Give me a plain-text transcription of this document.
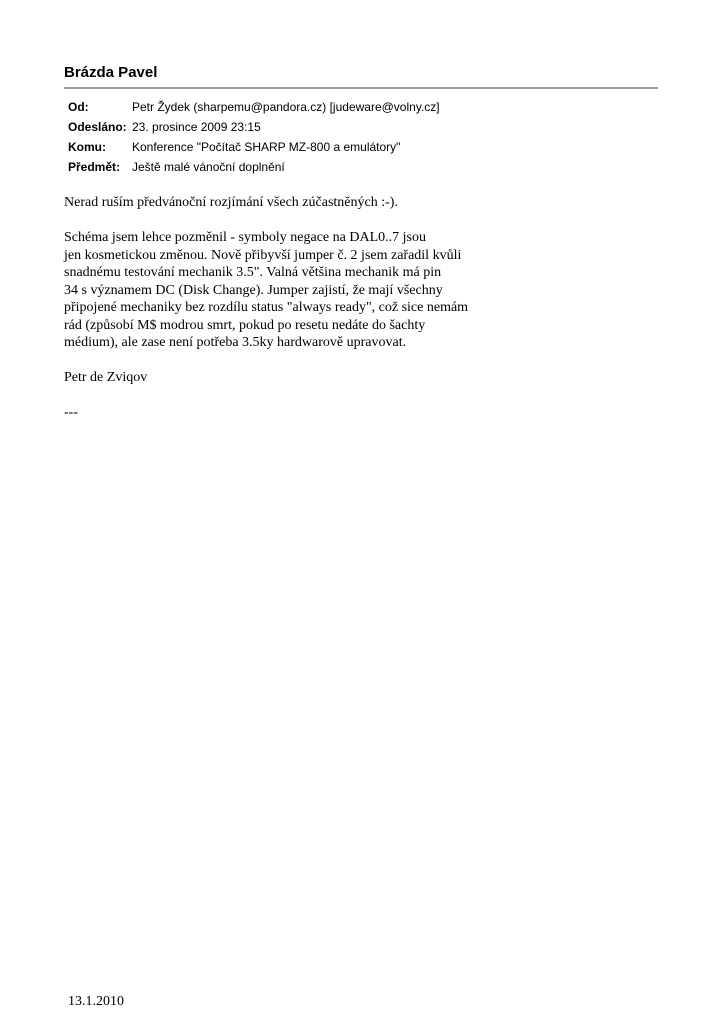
Brázda Pavel
Od:	Petr Žydek (sharpemu@pandora.cz) [judeware@volny.cz]
Odesláno: 23. prosince 2009 23:15
Komu:	Konference "Počítač SHARP MZ-800 a emulátory"
Předmět: Ještě malé vánoční doplnění

Nerad ruším předvánoční rozjímání všech zúčastněných :-).

Schéma jsem lehce pozměnil - symboly negace na DAL0..7 jsou
jen kosmetickou změnou. Nově přibyvší jumper č. 2 jsem zařadil kvůli
snadnému testování mechanik 3.5". Valná většina mechanik má pin
34 s významem DC (Disk Change). Jumper zajistí, že mají všechny
připojené mechaniky bez rozdílu status "always ready", což sice nemám
rád (způsobí M$ modrou smrt, pokud po resetu nedáte do šachty
médium), ale zase není potřeba 3.5ky hardwarově upravovat.

Petr de Zviqov

---
13.1.2010
